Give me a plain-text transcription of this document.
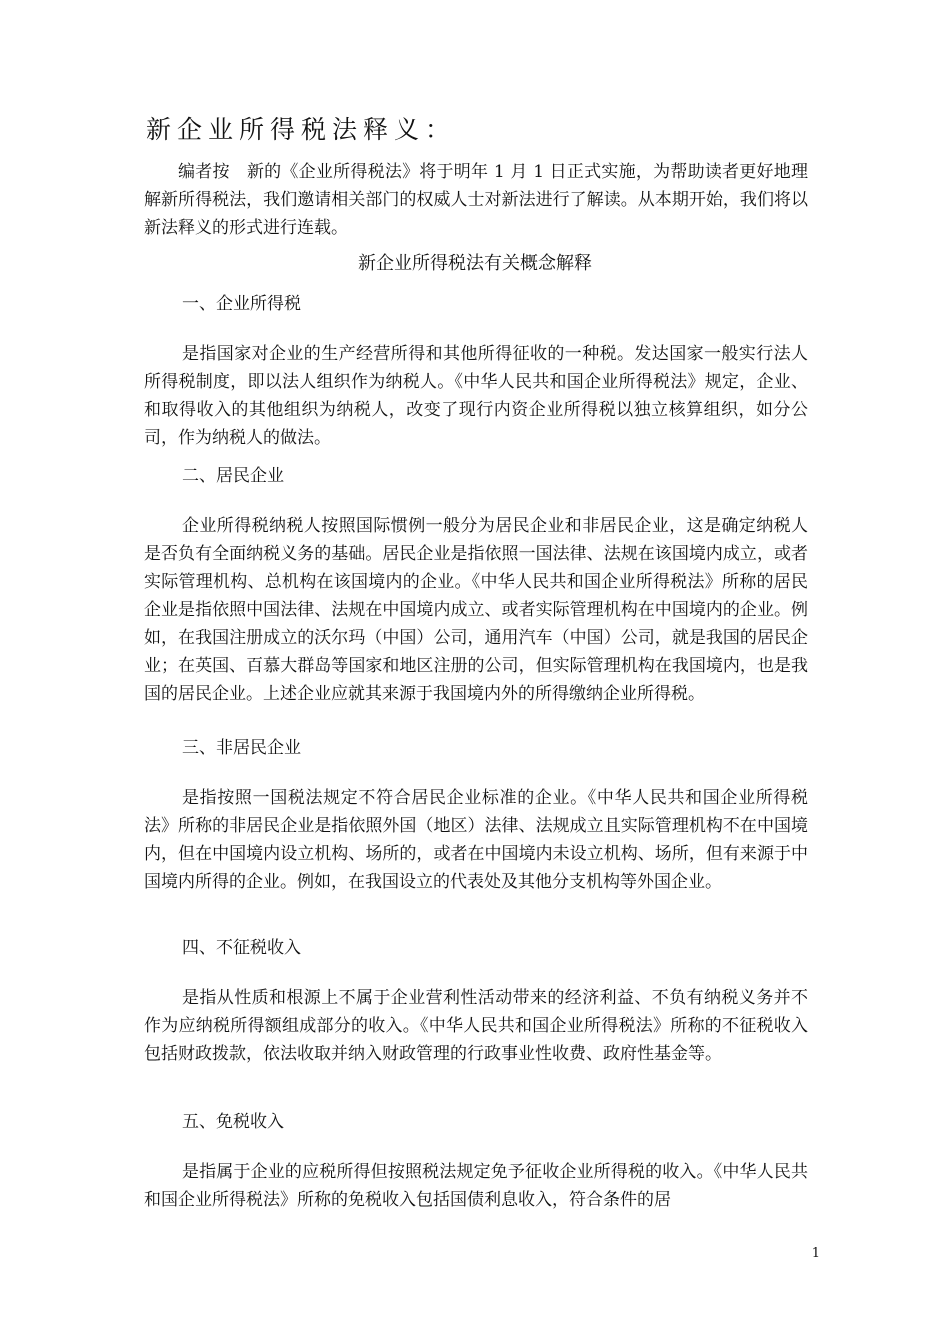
新企业所得税法释义：
编者按　新的《企业所得税法》将于明年 1 月 1 日正式实施，为帮助读者更好地理解新所得税法，我们邀请相关部门的权威人士对新法进行了解读。从本期开始，我们将以新法释义的形式进行连载。
新企业所得税法有关概念解释
一、企业所得税
是指国家对企业的生产经营所得和其他所得征收的一种税。发达国家一般实行法人所得税制度，即以法人组织作为纳税人。《中华人民共和国企业所得税法》规定，企业、和取得收入的其他组织为纳税人，改变了现行内资企业所得税以独立核算组织，如分公司，作为纳税人的做法。
二、居民企业
企业所得税纳税人按照国际惯例一般分为居民企业和非居民企业，这是确定纳税人是否负有全面纳税义务的基础。居民企业是指依照一国法律、法规在该国境内成立，或者实际管理机构、总机构在该国境内的企业。《中华人民共和国企业所得税法》所称的居民企业是指依照中国法律、法规在中国境内成立、或者实际管理机构在中国境内的企业。例如，在我国注册成立的沃尔玛（中国）公司，通用汽车（中国）公司，就是我国的居民企业；在英国、百慕大群岛等国家和地区注册的公司，但实际管理机构在我国境内，也是我国的居民企业。上述企业应就其来源于我国境内外的所得缴纳企业所得税。
三、非居民企业
是指按照一国税法规定不符合居民企业标准的企业。《中华人民共和国企业所得税法》所称的非居民企业是指依照外国（地区）法律、法规成立且实际管理机构不在中国境内，但在中国境内设立机构、场所的，或者在中国境内未设立机构、场所，但有来源于中国境内所得的企业。例如，在我国设立的代表处及其他分支机构等外国企业。
四、不征税收入
是指从性质和根源上不属于企业营利性活动带来的经济利益、不负有纳税义务并不作为应纳税所得额组成部分的收入。《中华人民共和国企业所得税法》所称的不征税收入包括财政拨款，依法收取并纳入财政管理的行政事业性收费、政府性基金等。
五、免税收入
是指属于企业的应税所得但按照税法规定免予征收企业所得税的收入。《中华人民共和国企业所得税法》所称的免税收入包括国债利息收入，符合条件的居
1
